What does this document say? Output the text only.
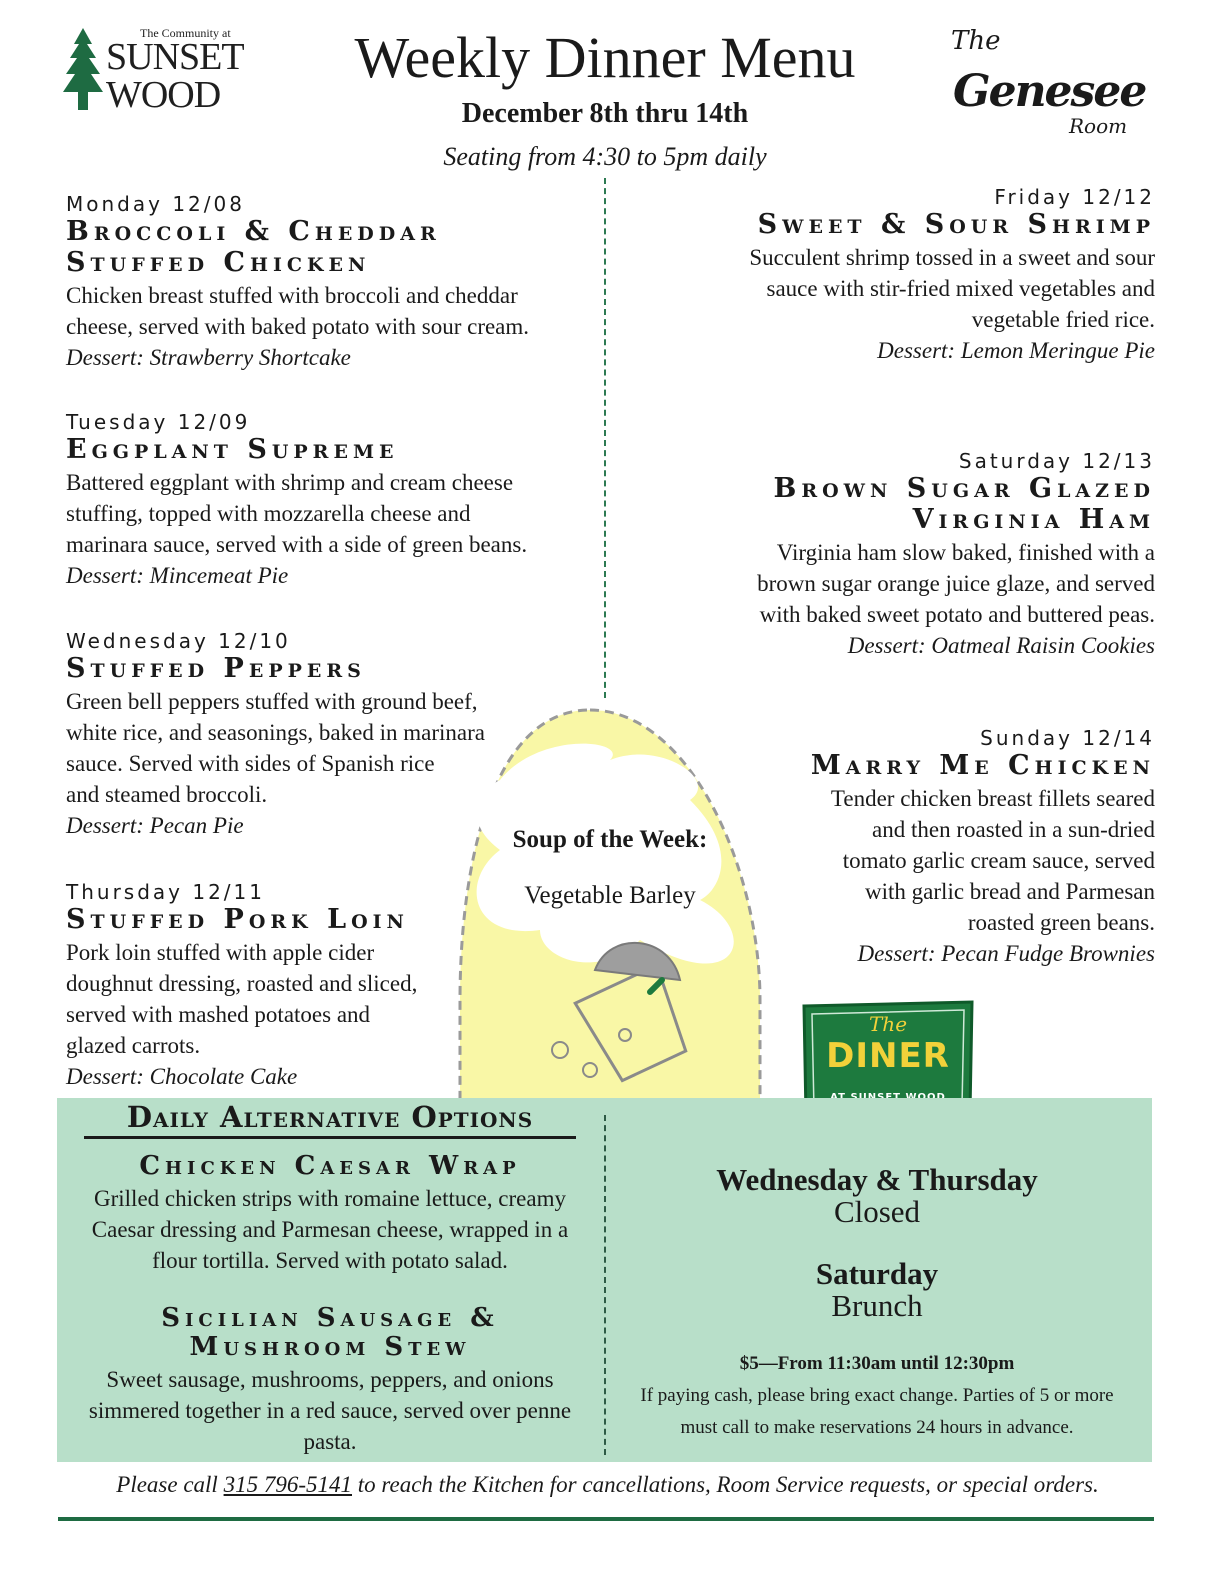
The Community at
SUNSET
WOOD
Weekly Dinner Menu
December 8th thru 14th
Seating from 4:30 to 5pm daily
The
Genesee
Room
Soup of the Week:
Vegetable Barley
Monday 12/08
Broccoli & Cheddar
Stuffed Chicken
Chicken breast stuffed with broccoli and cheddar
cheese, served with baked potato with sour cream.
Dessert: Strawberry Shortcake
Tuesday 12/09
Eggplant Supreme
Battered eggplant with shrimp and cream cheese
stuffing, topped with mozzarella cheese and
marinara sauce, served with a side of green beans.
Dessert: Mincemeat Pie
Wednesday 12/10
Stuffed Peppers
Green bell peppers stuffed with ground beef,
white rice, and seasonings, baked in marinara
sauce. Served with sides of Spanish rice
and steamed broccoli.
Dessert: Pecan Pie
Thursday 12/11
Stuffed Pork Loin
Pork loin stuffed with apple cider
doughnut dressing, roasted and sliced,
served with mashed potatoes and
glazed carrots.
Dessert: Chocolate Cake
Friday 12/12
Sweet & Sour Shrimp
Succulent shrimp tossed in a sweet and sour
sauce with stir-fried mixed vegetables and
vegetable fried rice.
Dessert: Lemon Meringue Pie
Saturday 12/13
Brown Sugar Glazed
Virginia Ham
Virginia ham slow baked, finished with a
brown sugar orange juice glaze, and served
with baked sweet potato and buttered peas.
Dessert: Oatmeal Raisin Cookies
Sunday 12/14
Marry Me Chicken
Tender chicken breast fillets seared
and then roasted in a sun-dried
tomato garlic cream sauce, served
with garlic bread and Parmesan
roasted green beans.
Dessert: Pecan Fudge Brownies
The
DINER
Daily Alternative Options
Chicken Caesar Wrap
Grilled chicken strips with romaine lettuce, creamy
Caesar dressing and Parmesan cheese, wrapped in a
flour tortilla. Served with potato salad.
Sicilian Sausage &
Mushroom Stew
Sweet sausage, mushrooms, peppers, and onions
simmered together in a red sauce, served over penne
pasta.
Wednesday & Thursday
Closed
Saturday
Brunch
$5—From 11:30am until 12:30pm
If paying cash, please bring exact change. Parties of 5 or more
must call to make reservations 24 hours in advance.
Please call 315 796-5141 to reach the Kitchen for cancellations, Room Service requests, or special orders.
